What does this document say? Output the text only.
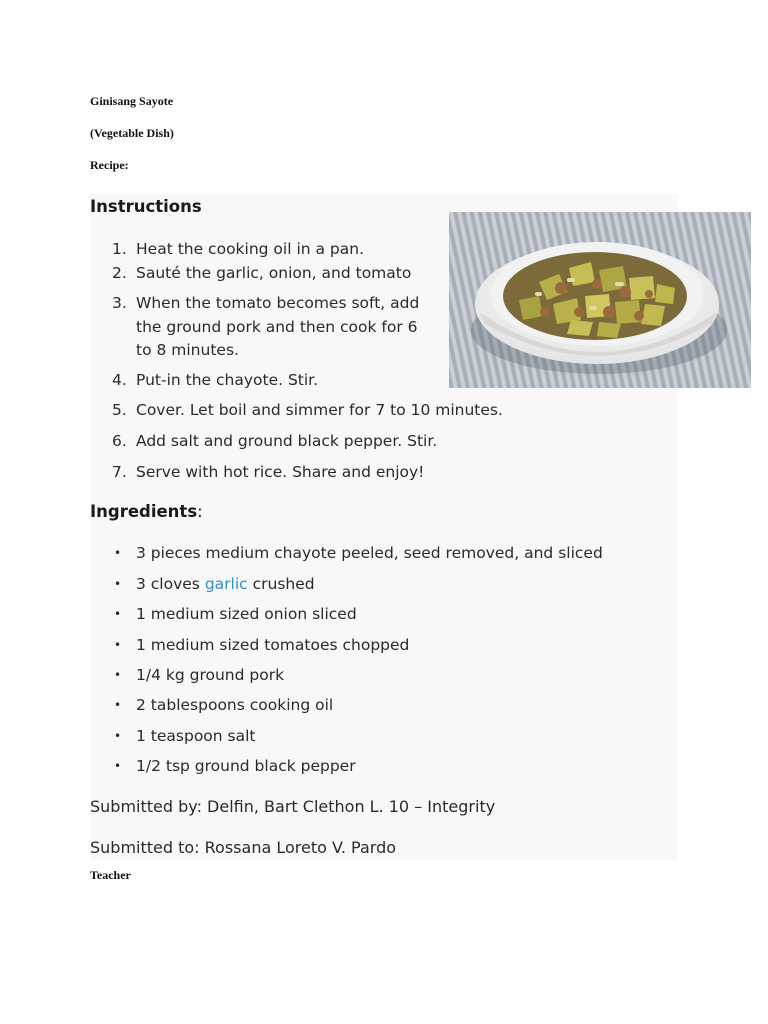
Ginisang Sayote
(Vegetable Dish)
Recipe:
Instructions
1. Heat the cooking oil in a pan.
2. Sauté the garlic, onion, and tomato
3. When the tomato becomes soft, add
the ground pork and then cook for 6
to 8 minutes.
4. Put-in the chayote. Stir.
5. Cover. Let boil and simmer for 7 to 10 minutes.
6. Add salt and ground black pepper. Stir.
7. Serve with hot rice. Share and enjoy!
Ingredients:
• 3 pieces medium chayote peeled, seed removed, and sliced
• 3 cloves garlic crushed
• 1 medium sized onion sliced
• 1 medium sized tomatoes chopped
• 1/4 kg ground pork
• 2 tablespoons cooking oil
• 1 teaspoon salt
• 1/2 tsp ground black pepper
Submitted by: Delfin, Bart Clethon L. 10 – Integrity
Submitted to: Rossana Loreto V. Pardo
Teacher
